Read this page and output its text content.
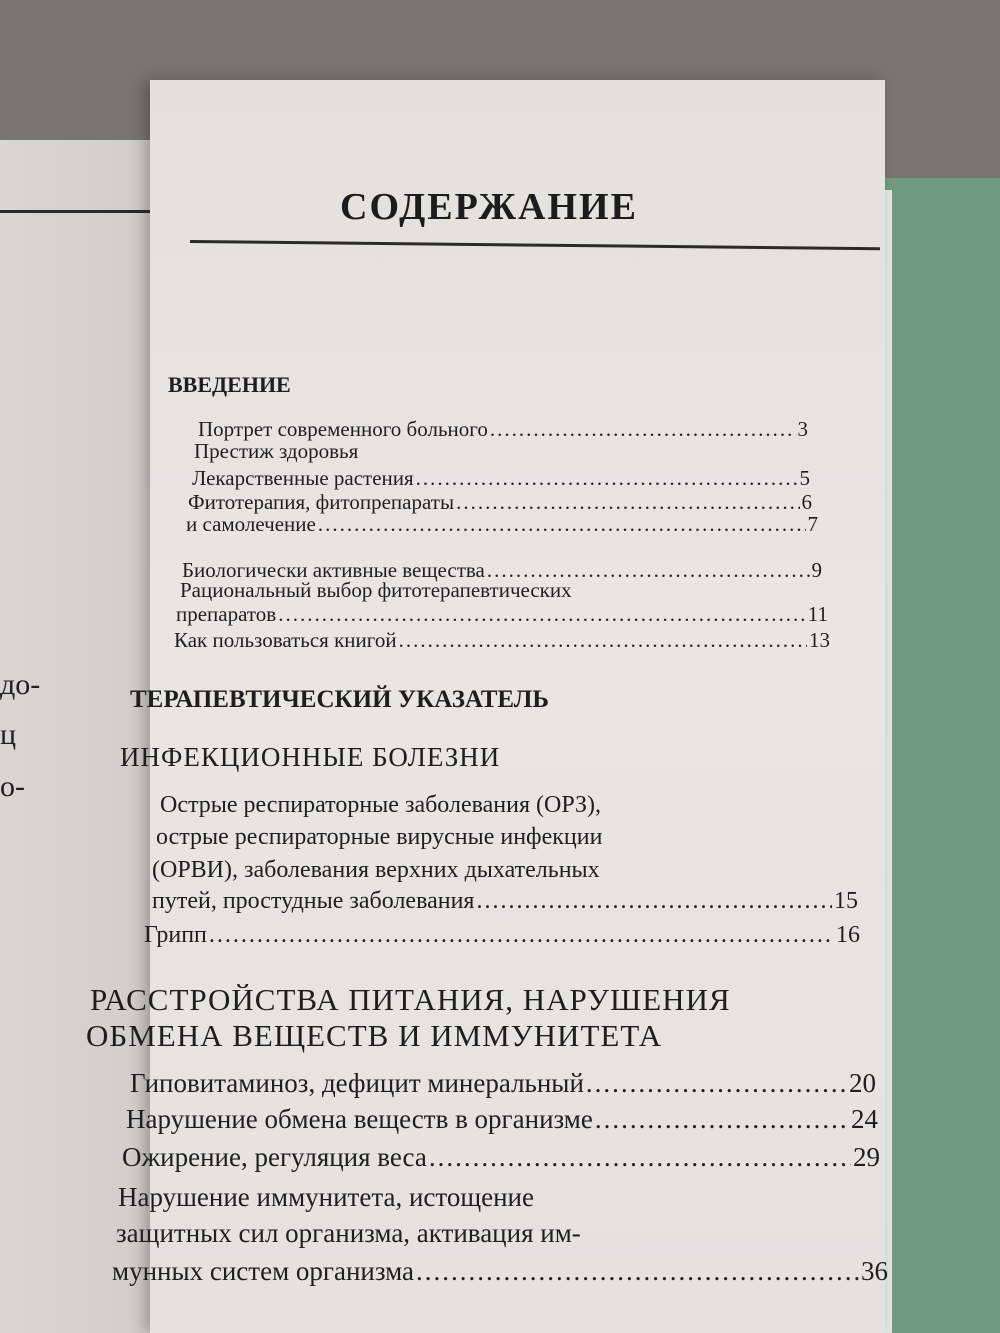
до-
ц
о-
СОДЕРЖАНИЕ
ВВЕДЕНИЕ
Портрет современного больного .....	3
Престиж здоровья
Лекарственные растения .....	5
Фитотерапия, фитопрепараты .....	6
и самолечение .....	7
Биологически активные вещества .....	9
Рациональный выбор фитотерапевтических
препаратов .....	11
Как пользоваться книгой .....	13
ТЕРАПЕВТИЧЕСКИЙ УКАЗАТЕЛЬ
ИНФЕКЦИОННЫЕ БОЛЕЗНИ
Острые респираторные заболевания (ОРЗ),
острые респираторные вирусные инфекции
(ОРВИ), заболевания верхних дыхательных
путей, простудные заболевания .....	15
Грипп .....	16
РАССТРОЙСТВА ПИТАНИЯ, НАРУШЕНИЯ
ОБМЕНА ВЕЩЕСТВ И ИММУНИТЕТА
Гиповитаминоз, дефицит минеральный .....	20
Нарушение обмена веществ в организме .....	24
Ожирение, регуляция веса .....	29
Нарушение иммунитета, истощение
защитных сил организма, активация им-
мунных систем организма .....	36
